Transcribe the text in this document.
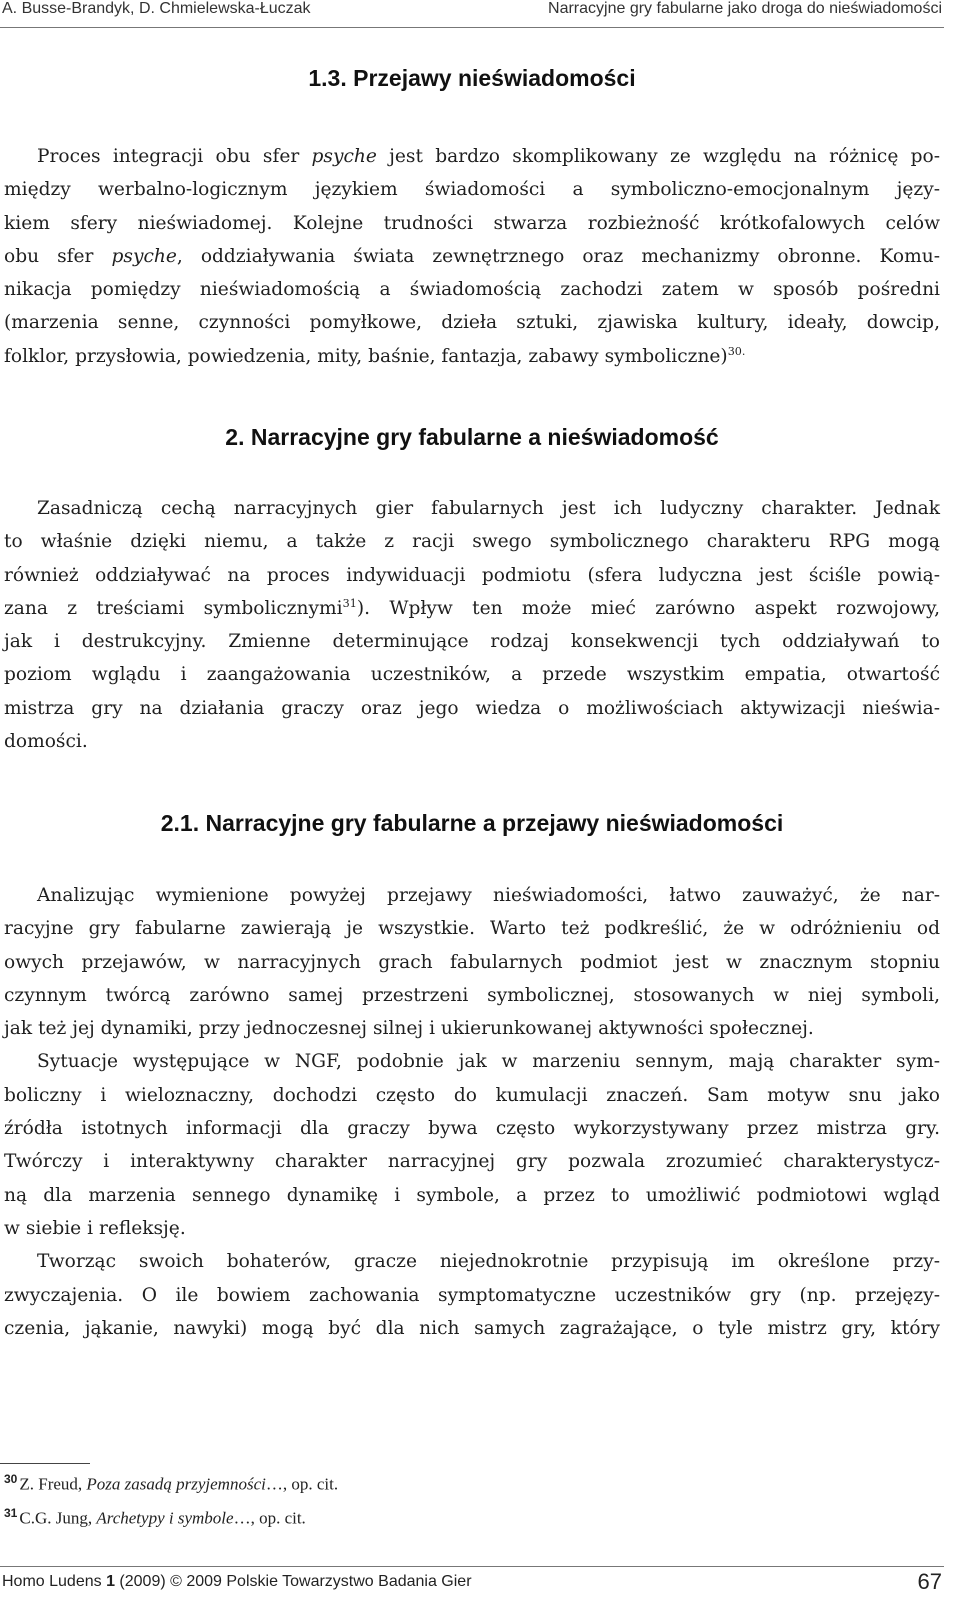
A. Busse-Brandyk, D. Chmielewska-Łuczak	Narracyjne gry fabularne jako droga do nieświadomości
1.3. Przejawy nieświadomości
Proces integracji obu sfer psyche jest bardzo skomplikowany ze względu na różnicę po-
między werbalno-logicznym językiem świadomości a symboliczno-emocjonalnym języ-
kiem sfery nieświadomej. Kolejne trudności stwarza rozbieżność krótkofalowych celów
obu sfer psyche, oddziaływania świata zewnętrznego oraz mechanizmy obronne. Komu-
nikacja pomiędzy nieświadomością a świadomością zachodzi zatem w sposób pośredni
(marzenia senne, czynności pomyłkowe, dzieła sztuki, zjawiska kultury, ideały, dowcip,
folklor, przysłowia, powiedzenia, mity, baśnie, fantazja, zabawy symboliczne)$^{30.}$
2. Narracyjne gry fabularne a nieświadomość
Zasadniczą cechą narracyjnych gier fabularnych jest ich ludyczny charakter. Jednak
to właśnie dzięki niemu, a także z racji swego symbolicznego charakteru RPG mogą
również oddziaływać na proces indywiduacji podmiotu (sfera ludyczna jest ściśle powią-
zana z treściami symbolicznymi$^{31}$). Wpływ ten może mieć zarówno aspekt rozwojowy,
jak i destrukcyjny. Zmienne determinujące rodzaj konsekwencji tych oddziaływań to
poziom wglądu i zaangażowania uczestników, a przede wszystkim empatia, otwartość
mistrza gry na działania graczy oraz jego wiedza o możliwościach aktywizacji nieświa-
domości.
2.1. Narracyjne gry fabularne a przejawy nieświadomości
Analizując wymienione powyżej przejawy nieświadomości, łatwo zauważyć, że nar-
racyjne gry fabularne zawierają je wszystkie. Warto też podkreślić, że w odróżnieniu od
owych przejawów, w narracyjnych grach fabularnych podmiot jest w znacznym stopniu
czynnym twórcą zarówno samej przestrzeni symbolicznej, stosowanych w niej symboli,
jak też jej dynamiki, przy jednoczesnej silnej i ukierunkowanej aktywności społecznej.
Sytuacje występujące w NGF, podobnie jak w marzeniu sennym, mają charakter sym-
boliczny i wieloznaczny, dochodzi często do kumulacji znaczeń. Sam motyw snu jako
źródła istotnych informacji dla graczy bywa często wykorzystywany przez mistrza gry.
Twórczy i interaktywny charakter narracyjnej gry pozwala zrozumieć charakterystycz-
ną dla marzenia sennego dynamikę i symbole, a przez to umożliwić podmiotowi wgląd
w siebie i refleksję.
Tworząc swoich bohaterów, gracze niejednokrotnie przypisują im określone przy-
zwyczajenia. O ile bowiem zachowania symptomatyczne uczestników gry (np. przejęzy-
czenia, jąkanie, nawyki) mogą być dla nich samych zagrażające, o tyle mistrz gry, który
$^{30}$ Z. Freud, Poza zasadą przyjemności…, op. cit.
$^{31}$ C.G. Jung, Archetypy i symbole…, op. cit.
Homo Ludens 1 (2009) © 2009 Polskie Towarzystwo Badania Gier	67
